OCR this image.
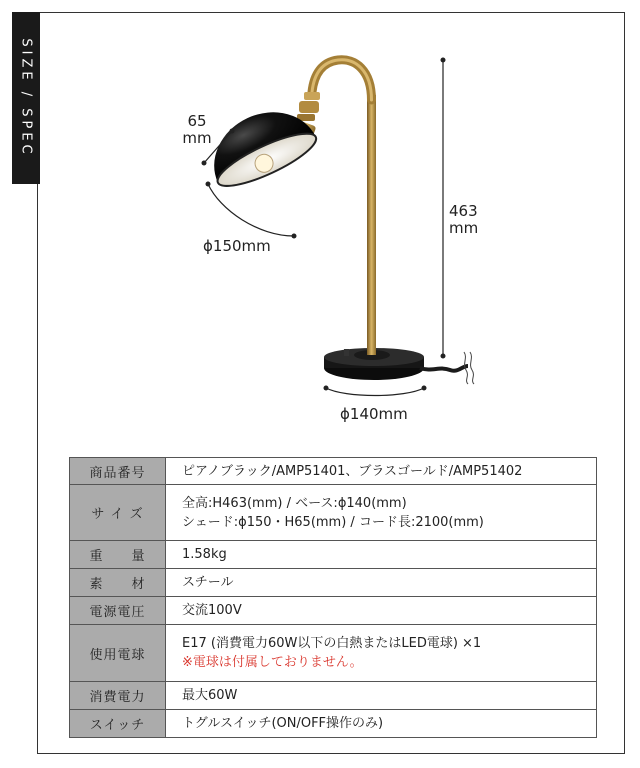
SIZE / SPEC	65
mm
ϕ150mm
463
mm
ϕ140mm
商品番号	ピアノブラック/AMP51401、ブラスゴールド/AMP51402

サ イ ズ	全高:H463(mm) / ベース:ϕ140(mm)
シェード:ϕ150・H65(mm) / コード長:2100(mm)

重　　量	1.58kg

素　　材	スチール

電源電圧	交流100V

使用電球	E17 (消費電力60W以下の白熱またはLED電球) ×1
※電球は付属しておりません。

消費電力	最大60W

スイッチ	トグルスイッチ(ON/OFF操作のみ)
